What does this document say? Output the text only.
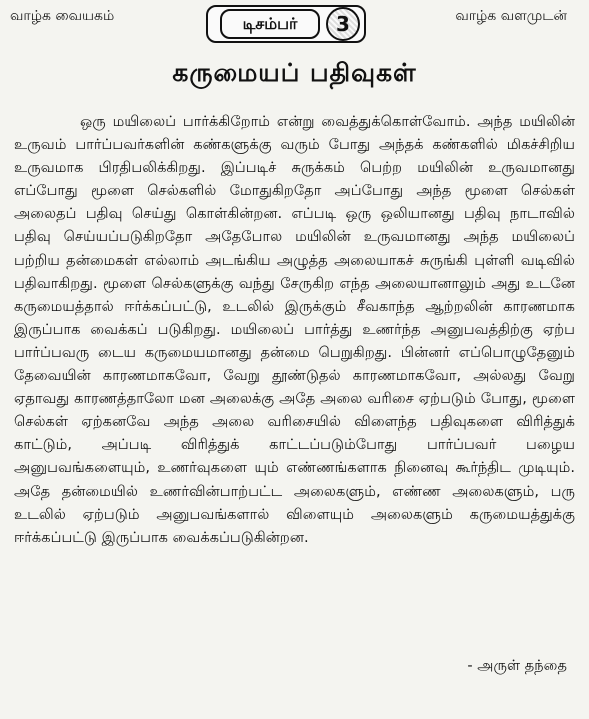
வாழ்க வையகம்	டிசம்பர்	3	வாழ்க வளமுடன்
கருமையப் பதிவுகள்

ஒரு மயிலைப் பார்க்கிறோம் என்று வைத்துக்கொள்வோம். அந்த மயிலின் உருவம் பார்ப்பவர்களின் கண்களுக்கு வரும் போது அந்தக் கண்களில் மிகச்சிறிய உருவமாக பிரதிபலிக்கிறது. இப்படிச் சுருக்கம் பெற்ற மயிலின் உருவமானது எப்போது மூளை செல்களில் மோதுகிறதோ அப்போது அந்த மூளை செல்கள் அலைதப் பதிவு செய்து கொள்கின்றன. எப்படி ஒரு ஒலியானது பதிவு நாடாவில் பதிவு செய்யப்படுகிறதோ அதேபோல மயிலின் உருவமானது அந்த மயிலைப் பற்றிய தன்மைகள் எல்லாம் அடங்கிய அழுத்த அலையாகச் சுருங்கி புள்ளி வடிவில் பதிவாகிறது. மூளை செல்களுக்கு வந்து சேருகிற எந்த அலையானாலும் அது உடனே கருமையத்தால் ஈர்க்கப்பட்டு, உடலில் இருக்கும் சீவகாந்த ஆற்றலின் காரணமாக இருப்பாக வைக்கப் படுகிறது. மயிலைப் பார்த்து உணர்ந்த அனுபவத்திற்கு ஏற்ப பார்ப்பவரு டைய கருமையமானது தன்மை பெறுகிறது. பின்னர் எப்பொழுதேனும் தேவையின் காரணமாகவோ, வேறு தூண்டுதல் காரணமாகவோ, அல்லது வேறு ஏதாவது காரணத்தாலோ மன அலைக்கு அதே அலை வரிசை ஏற்படும் போது, மூளை செல்கள் ஏற்கனவே அந்த அலை வரிசையில் விளைந்த பதிவுகளை விரித்துக் காட்டும், அப்படி விரித்துக் காட்டப்படும்போது பார்ப்பவர் பழைய அனுபவங்களையும், உணர்வுகளை யும் எண்ணங்களாக நினைவு கூர்ந்திட முடியும். அதே தன்மையில் உணர்வின்பாற்பட்ட அலைகளும், எண்ண அலைகளும், பரு உடலில் ஏற்படும் அனுபவங்களால் விளையும் அலைகளும் கருமையத்துக்கு ஈர்க்கப்பட்டு இருப்பாக வைக்கப்படுகின்றன.

- அருள் தந்தை
